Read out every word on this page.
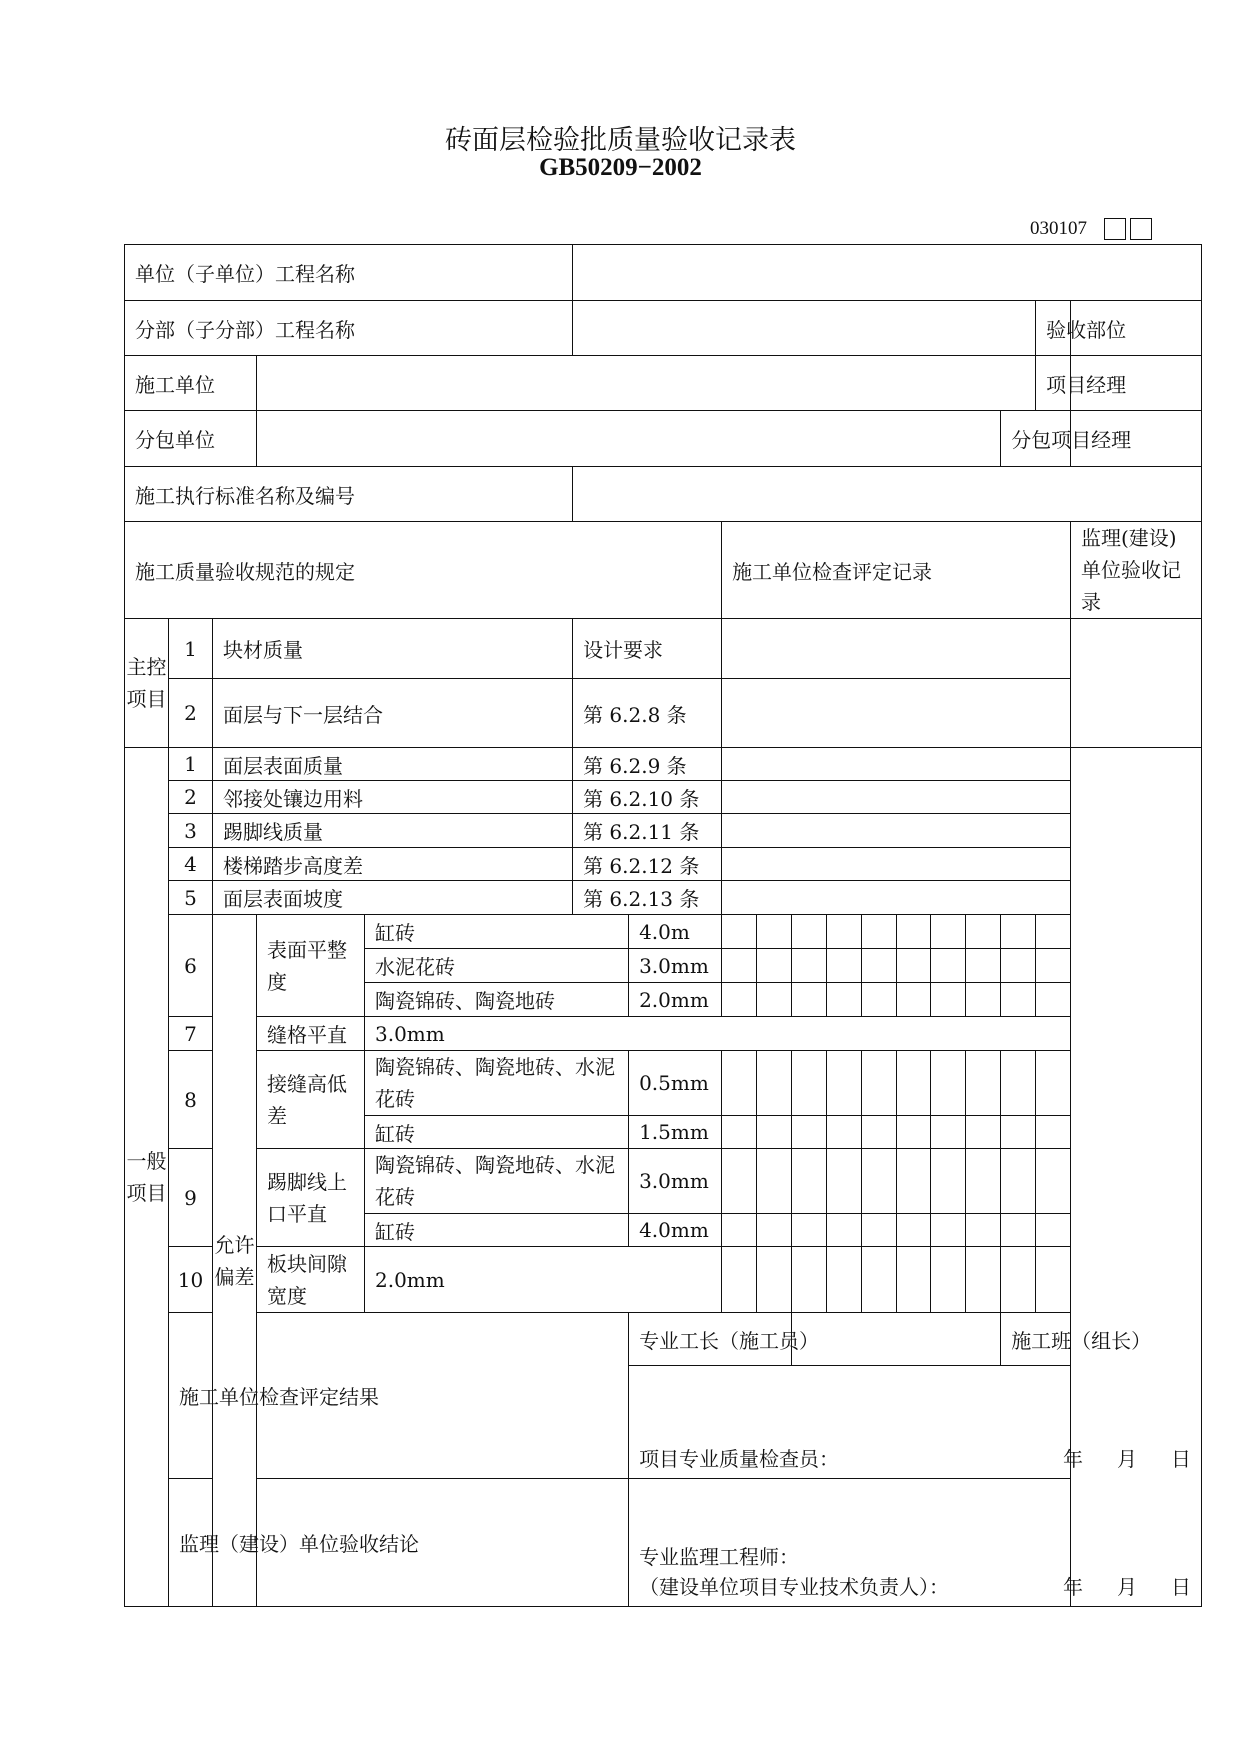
砖面层检验批质量验收记录表
GB50209−2002
030107
单位（子单位）工程名称																		
分部（子分部）工程名称																验收部位		
施工单位																项目经理		
分包单位															分包项目经理			
施工执行标准名称及编号																		
施工质量验收规范的规定							施工单位检查评定记录										监理(建设)单位验收记录	
主控项目	1	块材质量			设计要求													
	2	面层与下一层结合			第 6.2.8 条													
一般项目	1	面层表面质量			第 6.2.9 条													
	2	邻接处镶边用料			第 6.2.10 条													
	3	踢脚线质量			第 6.2.11 条													
	4	楼梯踏步高度差			第 6.2.12 条													
	5	面层表面坡度			第 6.2.13 条													
	6	允许偏差	表面平整度	缸砖		4.0m												
				水泥花砖		3.0mm												
				陶瓷锦砖、陶瓷地砖		2.0mm												
	7		缝格平直	3.0mm														
	8		接缝高低差	陶瓷锦砖、陶瓷地砖、水泥花砖		0.5mm												
				缸砖		1.5mm												
	9		踢脚线上口平直	陶瓷锦砖、陶瓷地砖、水泥花砖		3.0mm												
				缸砖		4.0mm												
	10		板块间隙宽度	2.0mm														
	施工单位检查评定结果					专业工长（施工员）									施工班（组长）			
						项目专业质量检查员： 年 月 日												

	监理（建设）单位验收结论					专业监理工程师：
（建设单位项目专业技术负责人）： 年 月 日												
